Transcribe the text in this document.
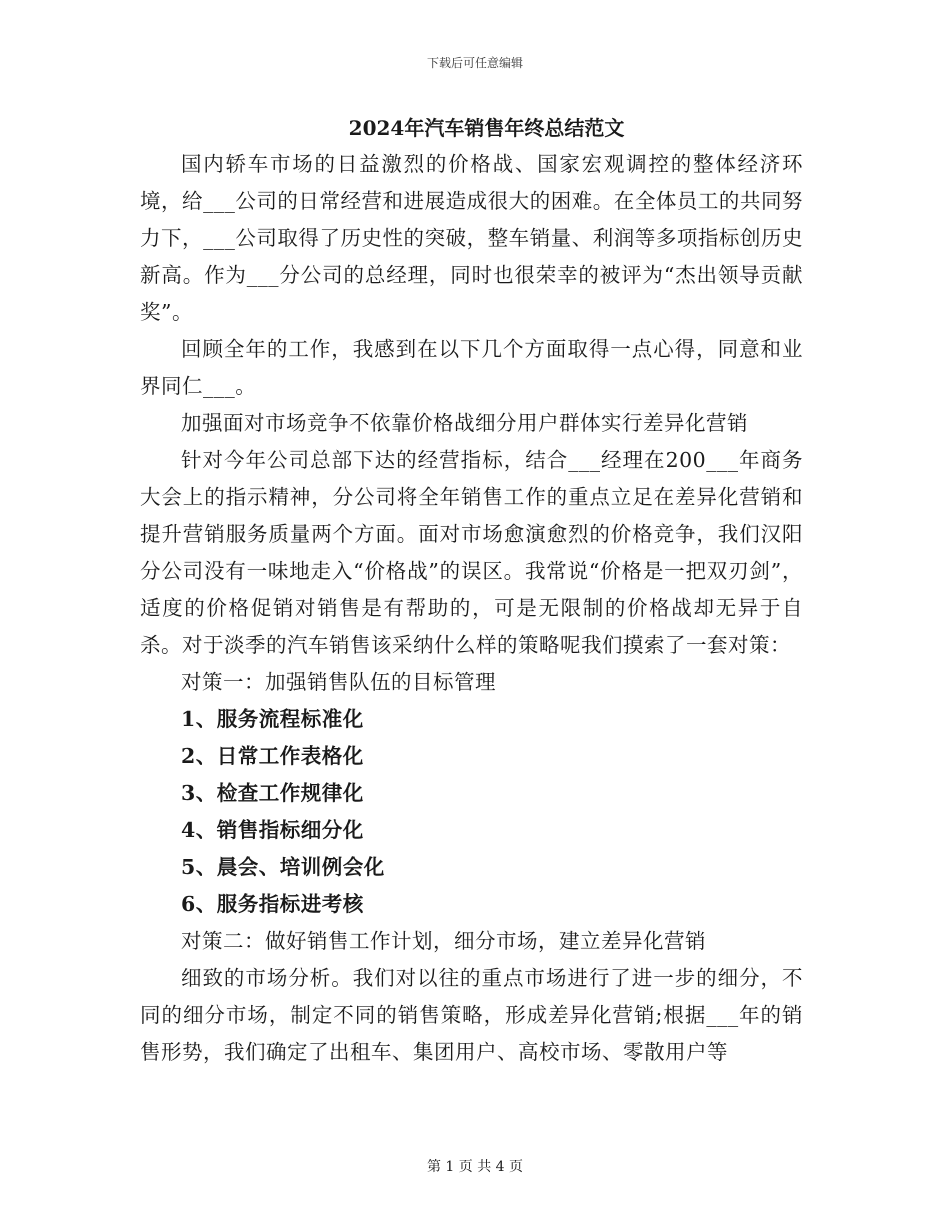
下载后可任意编辑
2024年汽车销售年终总结范文

国内轿车市场的日益激烈的价格战、国家宏观调控的整体经济环境，给___公司的日常经营和进展造成很大的困难。在全体员工的共同努力下，___公司取得了历史性的突破，整车销量、利润等多项指标创历史新高。作为___分公司的总经理，同时也很荣幸的被评为“杰出领导贡献奖”。

回顾全年的工作，我感到在以下几个方面取得一点心得，同意和业界同仁___。

加强面对市场竞争不依靠价格战细分用户群体实行差异化营销

针对今年公司总部下达的经营指标，结合___经理在200___年商务大会上的指示精神，分公司将全年销售工作的重点立足在差异化营销和提升营销服务质量两个方面。面对市场愈演愈烈的价格竞争，我们汉阳分公司没有一味地走入“价格战”的误区。我常说“价格是一把双刃剑”，适度的价格促销对销售是有帮助的，可是无限制的价格战却无异于自杀。对于淡季的汽车销售该采纳什么样的策略呢我们摸索了一套对策：

对策一：加强销售队伍的目标管理

1、服务流程标准化

2、日常工作表格化

3、检查工作规律化

4、销售指标细分化

5、晨会、培训例会化

6、服务指标进考核

对策二：做好销售工作计划，细分市场，建立差异化营销

细致的市场分析。我们对以往的重点市场进行了进一步的细分，不同的细分市场，制定不同的销售策略，形成差异化营销;根据___年的销售形势，我们确定了出租车、集团用户、高校市场、零散用户等

第 1 页 共 4 页
